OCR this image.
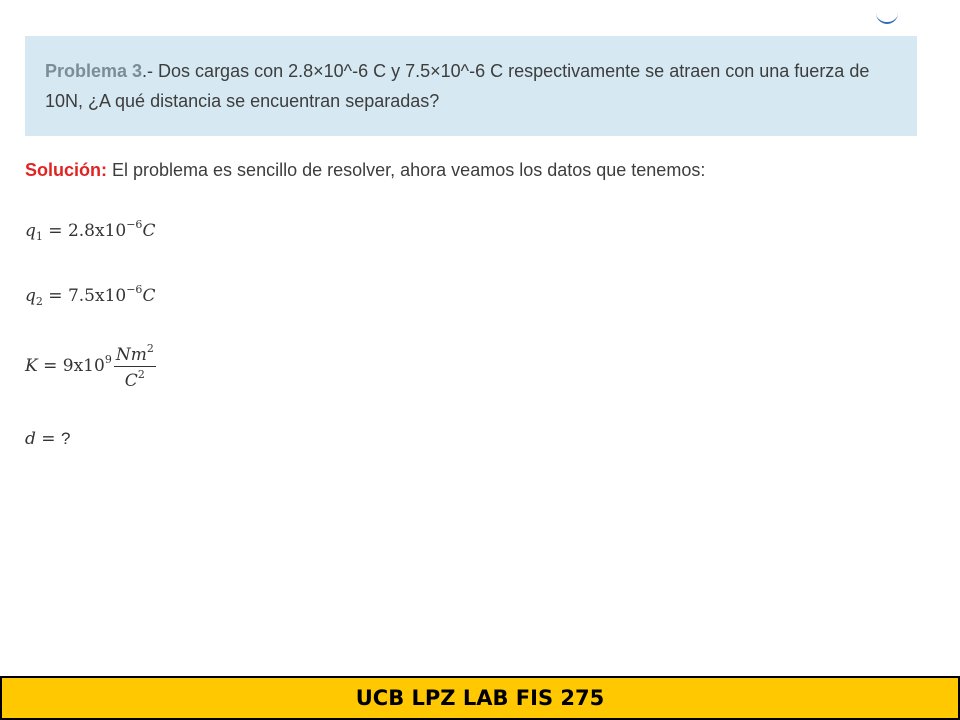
Problema 3.- Dos cargas con 2.8×10^-6 C y 7.5×10^-6 C respectivamente se atraen con una fuerza de 10N, ¿A qué distancia se encuentran separadas?

Solución: El problema es sencillo de resolver, ahora veamos los datos que tenemos:

$q_1 = 2.8x10^{-6}C$
$q_2 = 7.5x10^{-6}C$
$K = 9x10^9 \frac{Nm^2}{C^2}$
d = ?
UCB LPZ LAB FIS 275
